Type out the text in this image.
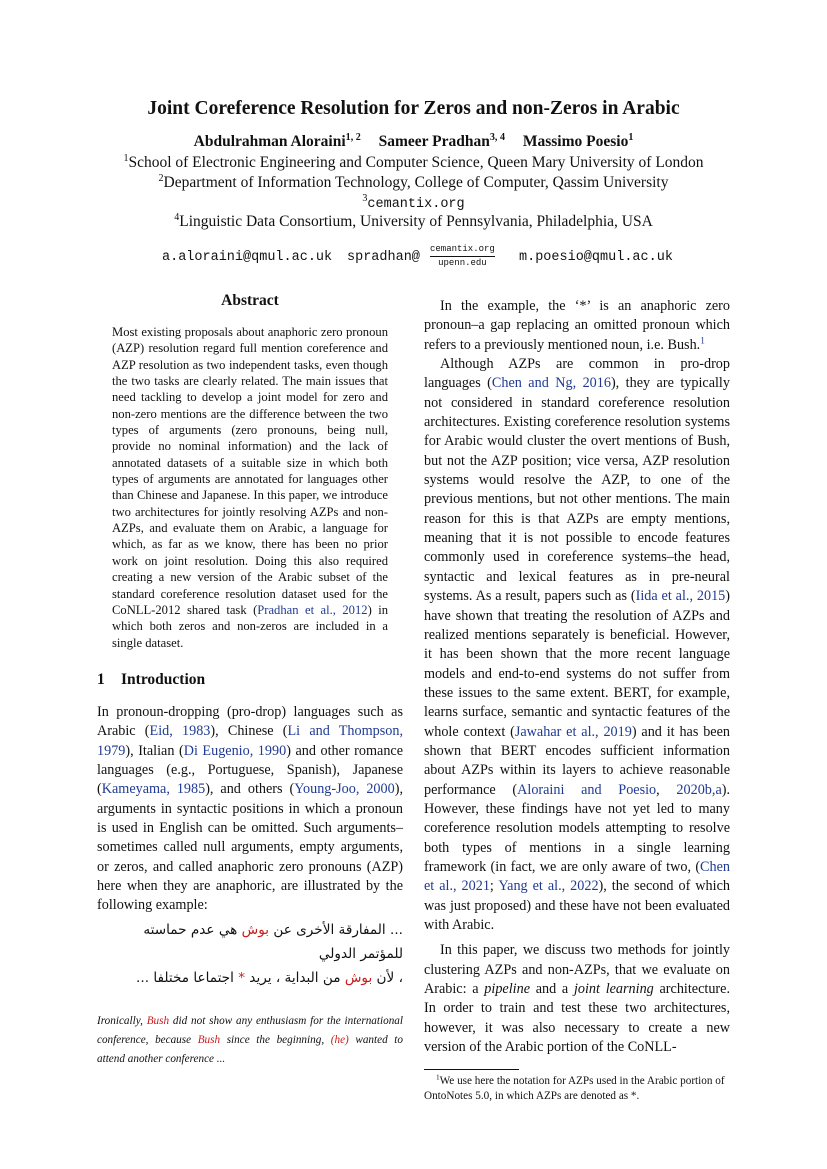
Joint Coreference Resolution for Zeros and non-Zeros in Arabic
Abdulrahman Aloraini$^{1, 2}$ Sameer Pradhan$^{3, 4}$ Massimo Poesio$^1$
$^1$School of Electronic Engineering and Computer Science, Queen Mary University of London
$^2$Department of Information Technology, College of Computer, Qassim University
$^3$cemantix.org
$^4$Linguistic Data Consortium, University of Pennsylvania, Philadelphia, USA
a.aloraini@qmul.ac.uk spradhan@
cemantix.org
upenn.edu	m.poesio@qmul.ac.uk
Abstract
Most existing proposals about anaphoric zero pronoun (AZP) resolution regard full mention coreference and AZP resolution as two independent tasks, even though the two tasks are clearly related. The main issues that need tackling to develop a joint model for zero and non-zero mentions are the difference between the two types of arguments (zero pronouns, being null, provide no nominal information) and the lack of annotated datasets of a suitable size in which both types of arguments are annotated for languages other than Chinese and Japanese. In this paper, we introduce two architectures for jointly resolving AZPs and non-AZPs, and evaluate them on Arabic, a language for which, as far as we know, there has been no prior work on joint resolution. Doing this also required creating a new version of the Arabic subset of the standard coreference resolution dataset used for the CoNLL-2012 shared task (Pradhan et al., 2012) in which both zeros and non-zeros are included in a single dataset.
1 Introduction

In pronoun-dropping (pro-drop) languages such as Arabic (Eid, 1983), Chinese (Li and Thompson, 1979), Italian (Di Eugenio, 1990) and other romance languages (e.g., Portuguese, Spanish), Japanese (Kameyama, 1985), and others (Young-Joo, 2000), arguments in syntactic positions in which a pronoun is used in English can be omitted. Such arguments–sometimes called null arguments, empty arguments, or zeros, and called anaphoric zero pronouns (AZP) here when they are anaphoric, are illustrated by the following example:

... المفارقة الأخرى عن بوش هي عدم حماسته للمؤتمر الدولي
، لأن بوش من البداية ، يريد * اجتماعا مختلفا ...
Ironically, Bush did not show any enthusiasm for the international conference, because Bush since the beginning, (he) wanted to attend another conference ...

In the example, the ‘*’ is an anaphoric zero pronoun–a gap replacing an omitted pronoun which refers to a previously mentioned noun, i.e. Bush.$^1$

Although AZPs are common in pro-drop languages (Chen and Ng, 2016), they are typically not considered in standard coreference resolution architectures. Existing coreference resolution systems for Arabic would cluster the overt mentions of Bush, but not the AZP position; vice versa, AZP resolution systems would resolve the AZP, to one of the previous mentions, but not other mentions. The main reason for this is that AZPs are empty mentions, meaning that it is not possible to encode features commonly used in coreference systems–the head, syntactic and lexical features as in pre-neural systems. As a result, papers such as (Iida et al., 2015) have shown that treating the resolution of AZPs and realized mentions separately is beneficial. However, it has been shown that the more recent language models and end-to-end systems do not suffer from these issues to the same extent. BERT, for example, learns surface, semantic and syntactic features of the whole context (Jawahar et al., 2019) and it has been shown that BERT encodes sufficient information about AZPs within its layers to achieve reasonable performance (Aloraini and Poesio, 2020b,a). However, these findings have not yet led to many coreference resolution models attempting to resolve both types of mentions in a single learning framework (in fact, we are only aware of two, (Chen et al., 2021; Yang et al., 2022), the second of which was just proposed) and these have not been evaluated with Arabic.

In this paper, we discuss two methods for jointly clustering AZPs and non-AZPs, that we evaluate on Arabic: a pipeline and a joint learning architecture. In order to train and test these two architectures, however, it was also necessary to create a new version of the Arabic portion of the CoNLL-

$^1$We use here the notation for AZPs used in the Arabic portion of OntoNotes 5.0, in which AZPs are denoted as *.
